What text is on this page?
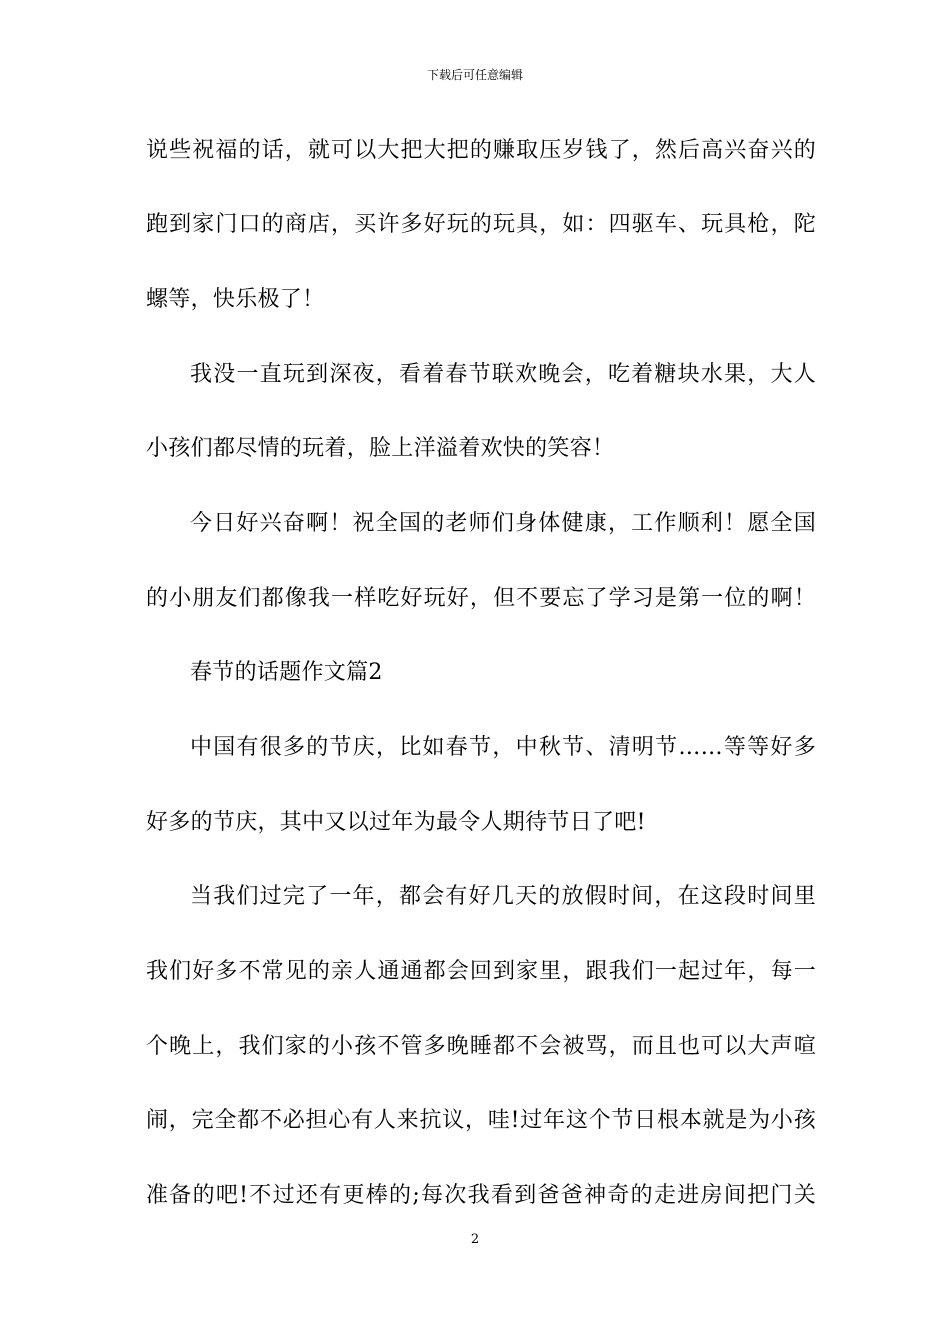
下载后可任意编辑
说些祝福的话，就可以大把大把的赚取压岁钱了，然后高兴奋兴的
跑到家门口的商店，买许多好玩的玩具，如：四驱车、玩具枪，陀
螺等，快乐极了！
我没一直玩到深夜，看着春节联欢晚会，吃着糖块水果，大人
小孩们都尽情的玩着，脸上洋溢着欢快的笑容！
今日好兴奋啊！祝全国的老师们身体健康，工作顺利！愿全国
的小朋友们都像我一样吃好玩好，但不要忘了学习是第一位的啊！
春节的话题作文篇2
中国有很多的节庆，比如春节，中秋节、清明节……等等好多
好多的节庆，其中又以过年为最令人期待节日了吧!
当我们过完了一年，都会有好几天的放假时间，在这段时间里
我们好多不常见的亲人通通都会回到家里，跟我们一起过年，每一
个晚上，我们家的小孩不管多晚睡都不会被骂，而且也可以大声喧
闹，完全都不必担心有人来抗议，哇!过年这个节日根本就是为小孩
准备的吧!不过还有更棒的;每次我看到爸爸神奇的走进房间把门关
2
